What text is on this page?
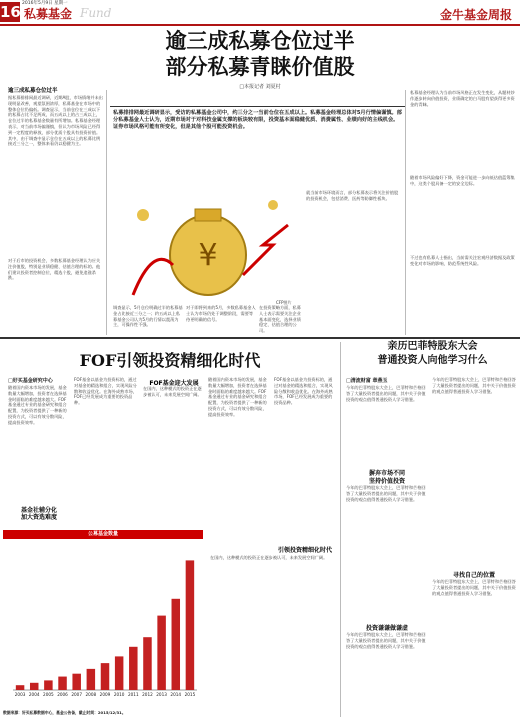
16 2016年5月9日 星期一
私募基金 Fund	金牛基金周报
逾三成私募仓位过半
部分私募青睐价值股
□本报记者 刘夏村
逾三成私募仓位过半
据私募排排网最近调研，近期A股，市场情绪并未出现明显改善，观望氛围浓厚，私募基金在市场中的整体仓位仍偏低。调查显示，当前仓位在三成以下的私募占比不足两成，而五成以上的占三成以上，仓位过半的私募基金数量有所增加。私募基金经理表示，对当前市场偏谨慎，但认为市场风险已经得到一定程度的释放，部分优质个股具有投资价值。其中，由于调查中显示仓位在五成以上的私募比例接近三分之一，整体来看仍以稳健为主。
对于后市的投资机会，多数私募基金经理认为应关注价值股，特别是业绩稳健、估值合理的标的。他们建议投资者控制仓位，精选个股，避免追涨杀跌。
私募排排网最近调研显示，受访的私募基金公司中，约三分之一当前仓位在五成以上。私募基金经理总体对5月行情偏谨慎。部分私募基金人士认为，近期市场对于对科技金属支撑的板块较有限，投资基本面稳健优质、消费属性、业绩向好的主线机会。证券市场风格可能有所变化，但是其他个股可能投资机会。
¥
CFP图片
调查显示，5月仓位明确过半的私募基金占比接近三分之一；约五成以上私募基金公司认为5月的行情以震荡为主，可操作性不强。
对于即将到来的5月，多数私募基金人士认为市场仍处于调整阶段，需要等待更明确的信号。
就当前市场环境而言，部分私募表示将关注价值股的投资机会，包括消费、医药等防御性板块。
在投资策略方面，私募人士表示需要关注企业基本面变化，选择业绩稳定、估值合理的公司。
私募基金经理认为当前市场风格正在发生变化，从题材炒作逐步转向价值投资，业绩确定的白马股有望获得更多资金的青睐。
随着市场风险偏好下降，资金可能进一步向低估值蓝筹集中，这类个股具备一定的安全边际。
不过也有私募人士指出，当前需关注宏观经济数据及政策变化对市场的影响，防范系统性风险。
FOF引领投资精细化时代
□好买基金研究中心
随着国内资本市场的发展，基金数量大幅增加，投资者在选择基金时面临的难度越来越大。FOF基金通过专业的基金研究和组合配置，为投资者提供了一种新的投资方式，可以有效分散风险，提高投资效率。
基金社辅分化
加大资选难度
FOF基金以基金为投资标的，通过对基金的精选和组合，实现风险分散和收益优化。在海外成熟市场，FOF已经发展成为重要的投资品种。
FOF基金迎大发展
在国内，这种模式的投资正在逐步被认可，未来发展空间广阔。
随着国内资本市场的发展，基金数量大幅增加，投资者在选择基金时面临的难度越来越大。FOF基金通过专业的基金研究和组合配置，为投资者提供了一种新的投资方式，可以有效分散风险，提高投资效率。
引领投资精细化时代
FOF基金以基金为投资标的，通过对基金的精选和组合，实现风险分散和收益优化。在海外成熟市场，FOF已经发展成为重要的投资品种。
在国内，这种模式的投资正在逐步被认可，未来发展空间广阔。
亲历巴菲特股东大会
普通投资人向他学习什么
□清流财富 章燕玉
今年的巴菲特股东大会上，巴菲特和芒格回答了大量投资者提出的问题，其中关于价值投资的观点值得普通投资人学习借鉴。
摒弃市场不同
坚持价值投资
今年的巴菲特股东大会上，巴菲特和芒格回答了大量投资者提出的问题，其中关于价值投资的观点值得普通投资人学习借鉴。
投资谦谦做谦虚
今年的巴菲特股东大会上，巴菲特和芒格回答了大量投资者提出的问题，其中关于价值投资的观点值得普通投资人学习借鉴。
今年的巴菲特股东大会上，巴菲特和芒格回答了大量投资者提出的问题，其中关于价值投资的观点值得普通投资人学习借鉴。
寻找自己的位置
今年的巴菲特股东大会上，巴菲特和芒格回答了大量投资者提出的问题，其中关于价值投资的观点值得普通投资人学习借鉴。
公募基金数量
2003 2004 2005 2006 2007 2008 2009 2010 2011 2012 2013 2014 2015
数据来源：好买私募数据中心，基金公告备，截止时间：2015/12/31。
